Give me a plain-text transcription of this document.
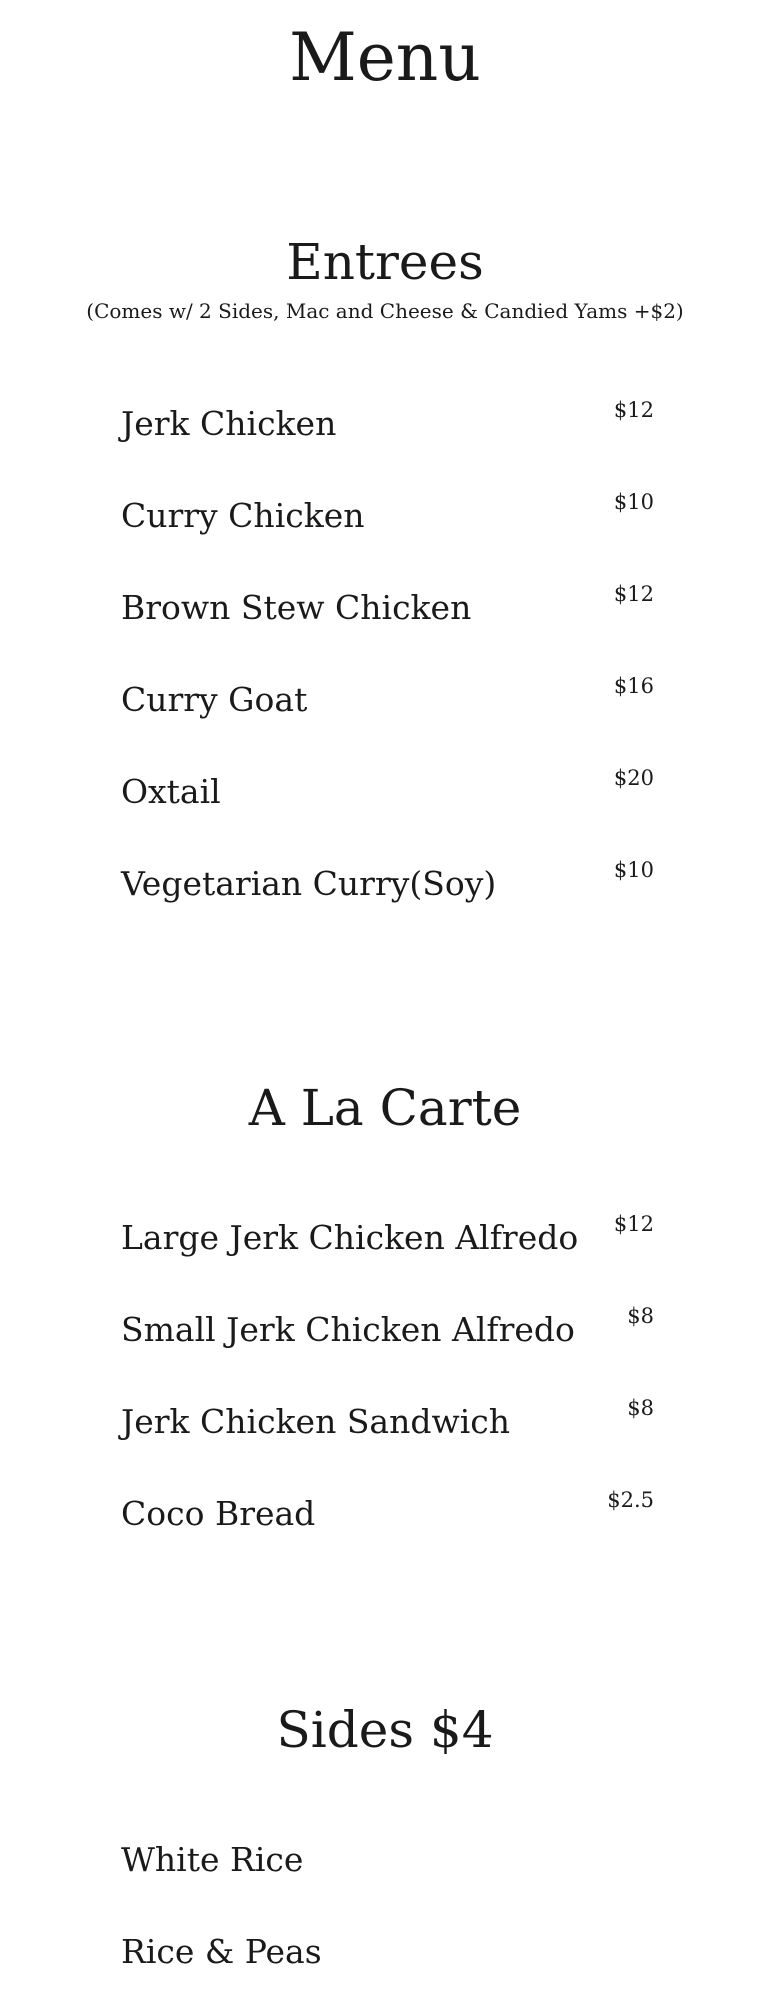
Menu
Entrees

(Comes w/ 2 Sides, Mac and Cheese & Candied Yams +$2)

Jerk Chicken	$12
Curry Chicken	$10
Brown Stew Chicken	$12
Curry Goat	$16
Oxtail	$20
Vegetarian Curry(Soy)	$10
A La Carte
Large Jerk Chicken Alfredo $12
Small Jerk Chicken Alfredo $8
Jerk Chicken Sandwich	$8
Coco Bread	$2.5
Sides $4
White Rice
Rice & Peas
